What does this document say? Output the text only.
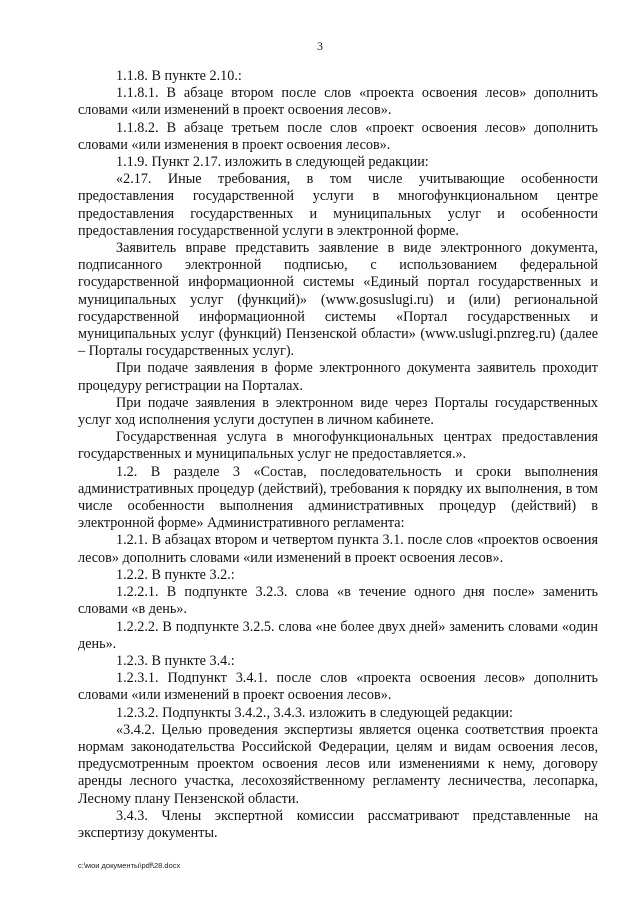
3

1.1.8. В пункте 2.10.:

1.1.8.1. В абзаце втором после слов «проекта освоения лесов» дополнить словами «или изменений в проект освоения лесов».

1.1.8.2. В абзаце третьем после слов «проект освоения лесов» дополнить словами «или изменения в проект освоения лесов».

1.1.9. Пункт 2.17. изложить в следующей редакции:

«2.17. Иные требования, в том числе учитывающие особенности предоставления государственной услуги в многофункциональном центре предоставления государственных и муниципальных услуг и особенности предоставления государственной услуги в электронной форме.

Заявитель вправе представить заявление в виде электронного документа, подписанного электронной подписью, с использованием федеральной государственной информационной системы «Единый портал государственных и муниципальных услуг (функций)» (www.gosuslugi.ru) и (или) региональной государственной информационной системы «Портал государственных и муниципальных услуг (функций) Пензенской области» (www.uslugi.pnzreg.ru) (далее – Порталы государственных услуг).

При подаче заявления в форме электронного документа заявитель проходит процедуру регистрации на Порталах.

При подаче заявления в электронном виде через Порталы государственных услуг ход исполнения услуги доступен в личном кабинете.

Государственная услуга в многофункциональных центрах предоставления государственных и муниципальных услуг не предоставляется.».

1.2. В разделе 3 «Состав, последовательность и сроки выполнения административных процедур (действий), требования к порядку их выполнения, в том числе особенности выполнения административных процедур (действий) в электронной форме» Административного регламента:

1.2.1. В абзацах втором и четвертом пункта 3.1. после слов «проектов освоения лесов» дополнить словами «или изменений в проект освоения лесов».

1.2.2. В пункте 3.2.:

1.2.2.1. В подпункте 3.2.3. слова «в течение одного дня после» заменить словами «в день».

1.2.2.2. В подпункте 3.2.5. слова «не более двух дней» заменить словами «один день».

1.2.3. В пункте 3.4.:

1.2.3.1. Подпункт 3.4.1. после слов «проекта освоения лесов» дополнить словами «или изменений в проект освоения лесов».

1.2.3.2. Подпункты 3.4.2., 3.4.3. изложить в следующей редакции:

«3.4.2. Целью проведения экспертизы является оценка соответствия проекта нормам законодательства Российской Федерации, целям и видам освоения лесов, предусмотренным проектом освоения лесов или изменениями к нему, договору аренды лесного участка, лесохозяйственному регламенту лесничества, лесопарка, Лесному плану Пензенской области.

3.4.3. Члены экспертной комиссии рассматривают представленные на экспертизу документы.

c:\мои документы\pdf\28.docx
